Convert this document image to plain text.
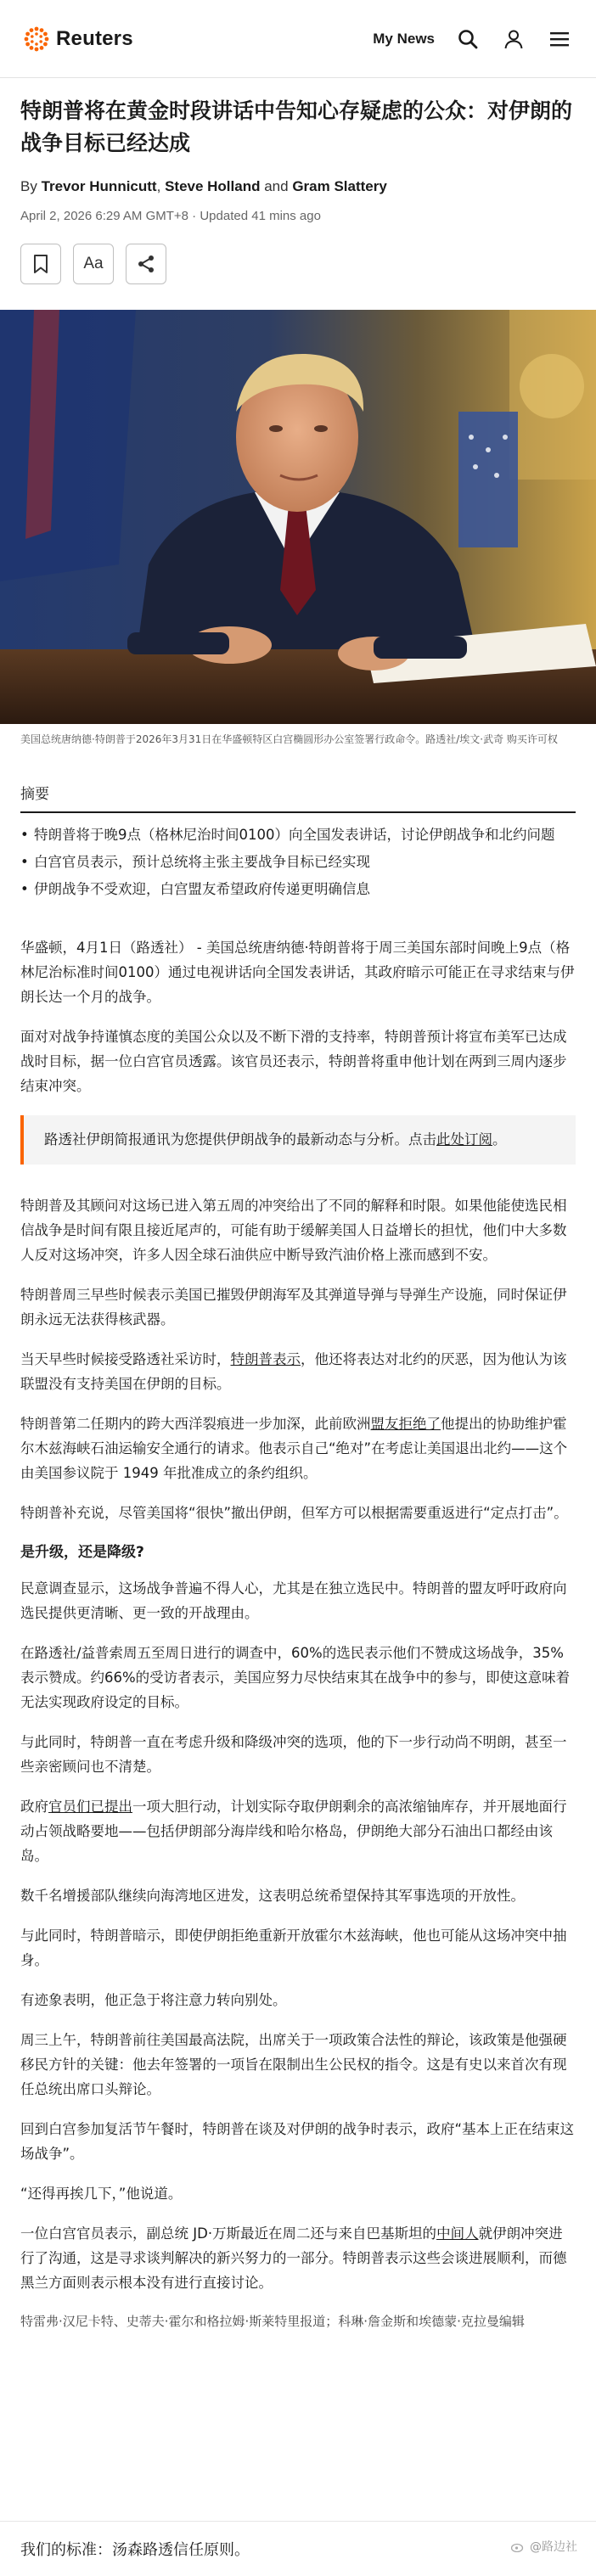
Reuters	My News
特朗普将在黄金时段讲话中告知心存疑虑的公众：对伊朗的战争目标已经达成
By Trevor Hunnicutt, Steve Holland and Gram Slattery
April 2, 2026 6:29 AM GMT+8 · Updated 41 mins ago
Aa
美国总统唐纳德·特朗普于2026年3月31日在华盛顿特区白宫椭圆形办公室签署行政命令。路透社/埃文·武奇 购买许可权
摘要
• 特朗普将于晚9点（格林尼治时间0100）向全国发表讲话，讨论伊朗战争和北约问题
• 白宫官员表示，预计总统将主张主要战争目标已经实现
• 伊朗战争不受欢迎，白宫盟友希望政府传递更明确信息

华盛顿，4月1日（路透社） - 美国总统唐纳德·特朗普将于周三美国东部时间晚上9点（格林尼治标准时间0100）通过电视讲话向全国发表讲话，其政府暗示可能正在寻求结束与伊朗长达一个月的战争。

面对对战争持谨慎态度的美国公众以及不断下滑的支持率，特朗普预计将宣布美军已达成战时目标，据一位白宫官员透露。该官员还表示，特朗普将重申他计划在两到三周内逐步结束冲突。

路透社伊朗简报通讯为您提供伊朗战争的最新动态与分析。点击此处订阅。

特朗普及其顾问对这场已进入第五周的冲突给出了不同的解释和时限。如果他能使选民相信战争是时间有限且接近尾声的，可能有助于缓解美国人日益增长的担忧，他们中大多数人反对这场冲突，许多人因全球石油供应中断导致汽油价格上涨而感到不安。

特朗普周三早些时候表示美国已摧毁伊朗海军及其弹道导弹与导弹生产设施，同时保证伊朗永远无法获得核武器。

当天早些时候接受路透社采访时，特朗普表示，他还将表达对北约的厌恶，因为他认为该联盟没有支持美国在伊朗的目标。

特朗普第二任期内的跨大西洋裂痕进一步加深，此前欧洲盟友拒绝了他提出的协助维护霍尔木兹海峡石油运输安全通行的请求。他表示自己“绝对”在考虑让美国退出北约——这个由美国参议院于 1949 年批准成立的条约组织。

特朗普补充说，尽管美国将“很快”撤出伊朗，但军方可以根据需要重返进行“定点打击”。

是升级，还是降级?

民意调查显示，这场战争普遍不得人心，尤其是在独立选民中。特朗普的盟友呼吁政府向选民提供更清晰、更一致的开战理由。

在路透社/益普索周五至周日进行的调查中，60%的选民表示他们不赞成这场战争，35%表示赞成。约66%的受访者表示，美国应努力尽快结束其在战争中的参与，即使这意味着无法实现政府设定的目标。

与此同时，特朗普一直在考虑升级和降级冲突的选项，他的下一步行动尚不明朗，甚至一些亲密顾问也不清楚。

政府官员们已提出一项大胆行动，计划实际夺取伊朗剩余的高浓缩铀库存，并开展地面行动占领战略要地——包括伊朗部分海岸线和哈尔格岛，伊朗绝大部分石油出口都经由该岛。

数千名增援部队继续向海湾地区进发，这表明总统希望保持其军事选项的开放性。

与此同时，特朗普暗示，即使伊朗拒绝重新开放霍尔木兹海峡，他也可能从这场冲突中抽身。

有迹象表明，他正急于将注意力转向别处。

周三上午，特朗普前往美国最高法院，出席关于一项政策合法性的辩论，该政策是他强硬移民方针的关键：他去年签署的一项旨在限制出生公民权的指令。这是有史以来首次有现任总统出席口头辩论。

回到白宫参加复活节午餐时，特朗普在谈及对伊朗的战争时表示，政府“基本上正在结束这场战争”。

“还得再挨几下，”他说道。

一位白宫官员表示，副总统 JD·万斯最近在周二还与来自巴基斯坦的中间人就伊朗冲突进行了沟通，这是寻求谈判解决的新兴努力的一部分。特朗普表示这些会谈进展顺利，而德黑兰方面则表示根本没有进行直接讨论。

特雷弗·汉尼卡特、史蒂夫·霍尔和格拉姆·斯莱特里报道；科琳·詹金斯和埃德蒙·克拉曼编辑

我们的标准：汤森路透信任原则。	@路边社
